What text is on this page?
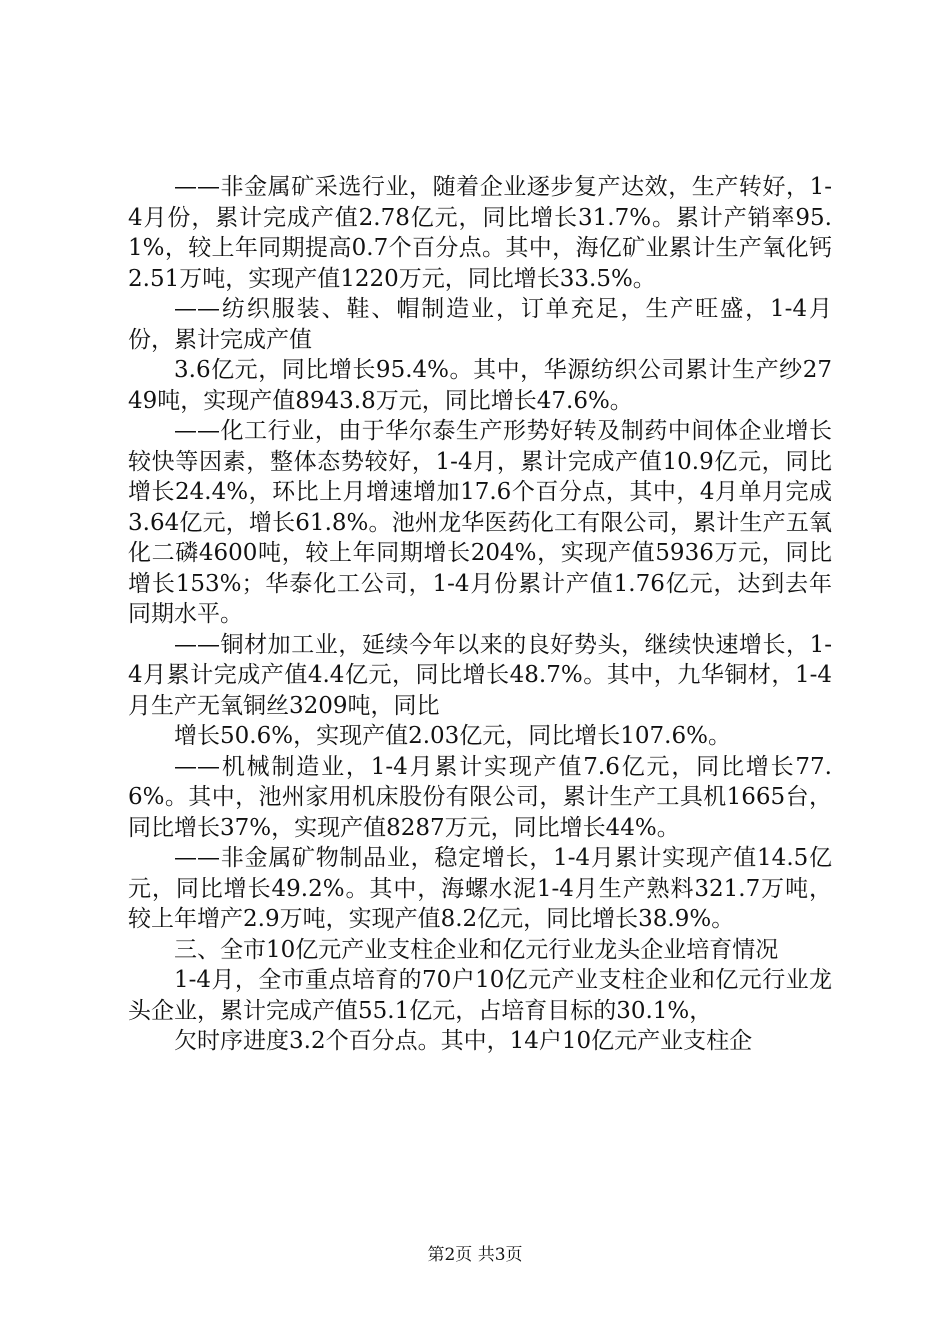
——非金属矿采选行业，随着企业逐步复产达效，生产转好，1-4月份，累计完成产值2.78亿元，同比增长31.7%。累计产销率95.1%，较上年同期提高0.7个百分点。其中，海亿矿业累计生产氧化钙2.51万吨，实现产值1220万元，同比增长33.5%。

——纺织服装、鞋、帽制造业，订单充足，生产旺盛，1-4月份，累计完成产值

3.6亿元，同比增长95.4%。其中，华源纺织公司累计生产纱2749吨，实现产值8943.8万元，同比增长47.6%。

——化工行业，由于华尔泰生产形势好转及制药中间体企业增长较快等因素，整体态势较好，1-4月，累计完成产值10.9亿元，同比增长24.4%，环比上月增速增加17.6个百分点，其中，4月单月完成3.64亿元，增长61.8%。池州龙华医药化工有限公司，累计生产五氧化二磷4600吨，较上年同期增长204%，实现产值5936万元，同比增长153%；华泰化工公司，1-4月份累计产值1.76亿元，达到去年同期水平。

——铜材加工业，延续今年以来的良好势头，继续快速增长，1-4月累计完成产值4.4亿元，同比增长48.7%。其中，九华铜材，1-4月生产无氧铜丝3209吨，同比

增长50.6%，实现产值2.03亿元，同比增长107.6%。

——机械制造业，1-4月累计实现产值7.6亿元，同比增长77.6%。其中，池州家用机床股份有限公司，累计生产工具机1665台，同比增长37%，实现产值8287万元，同比增长44%。

——非金属矿物制品业，稳定增长，1-4月累计实现产值14.5亿元，同比增长49.2%。其中，海螺水泥1-4月生产熟料321.7万吨，较上年增产2.9万吨，实现产值8.2亿元，同比增长38.9%。

三、全市10亿元产业支柱企业和亿元行业龙头企业培育情况

1-4月，全市重点培育的70户10亿元产业支柱企业和亿元行业龙头企业，累计完成产值55.1亿元，占培育目标的30.1%，

欠时序进度3.2个百分点。其中，14户10亿元产业支柱企

第2页 共3页
